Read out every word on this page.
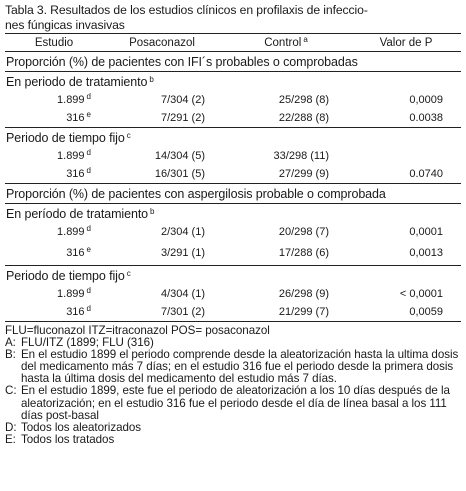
Tabla 3. Resultados de los estudios clínicos en profilaxis de infeccio-
nes fúngicas invasivas
Estudio	Posaconazol	Control $^a$	Valor de P
Proporción (%) de pacientes con IFI´s probables o comprobadas			
En periodo de tratamiento $^b$
1.899 $^d$	7/304 (2)	25/298 (8)	0,0009
316 $^e$	7/291 (2)	22/288 (8)	0.0038
Periodo de tiempo fijo $^c$
1.899 $^d$	14/304 (5)	33/298 (11)	
316 $^d$	16/301 (5)	27/299 (9)	0.0740
Proporción (%) de pacientes con aspergilosis probable o comprobada			
En período de tratamiento $^b$
1.899 $^d$	2/304 (1)	20/298 (7)	0,0001
316 $^e$	3/291 (1)	17/288 (6)	0,0013
Periodo de tiempo fijo $^c$
1.899 $^d$	4/304 (1)	26/298 (9)	< 0,0001
316 $^d$	7/301 (2)	21/299 (7)	0,0059
FLU=fluconazol ITZ=itraconazol POS= posaconazol
A: FLU/ITZ (1899; FLU (316)
B: En el estudio 1899 el periodo comprende desde la aleatorización hasta la ultima dosis del medicamento más 7 días; en el estudio 316 fue el periodo desde la primera dosis hasta la última dosis del medicamento del estudio más 7 días.
C: En el estudio 1899, este fue el periodo de aleatorización a los 10 días después de la aleatorización; en el estudio 316 fue el periodo desde el día de línea basal a los 111 días post-basal
D: Todos los aleatorizados
E: Todos los tratados
